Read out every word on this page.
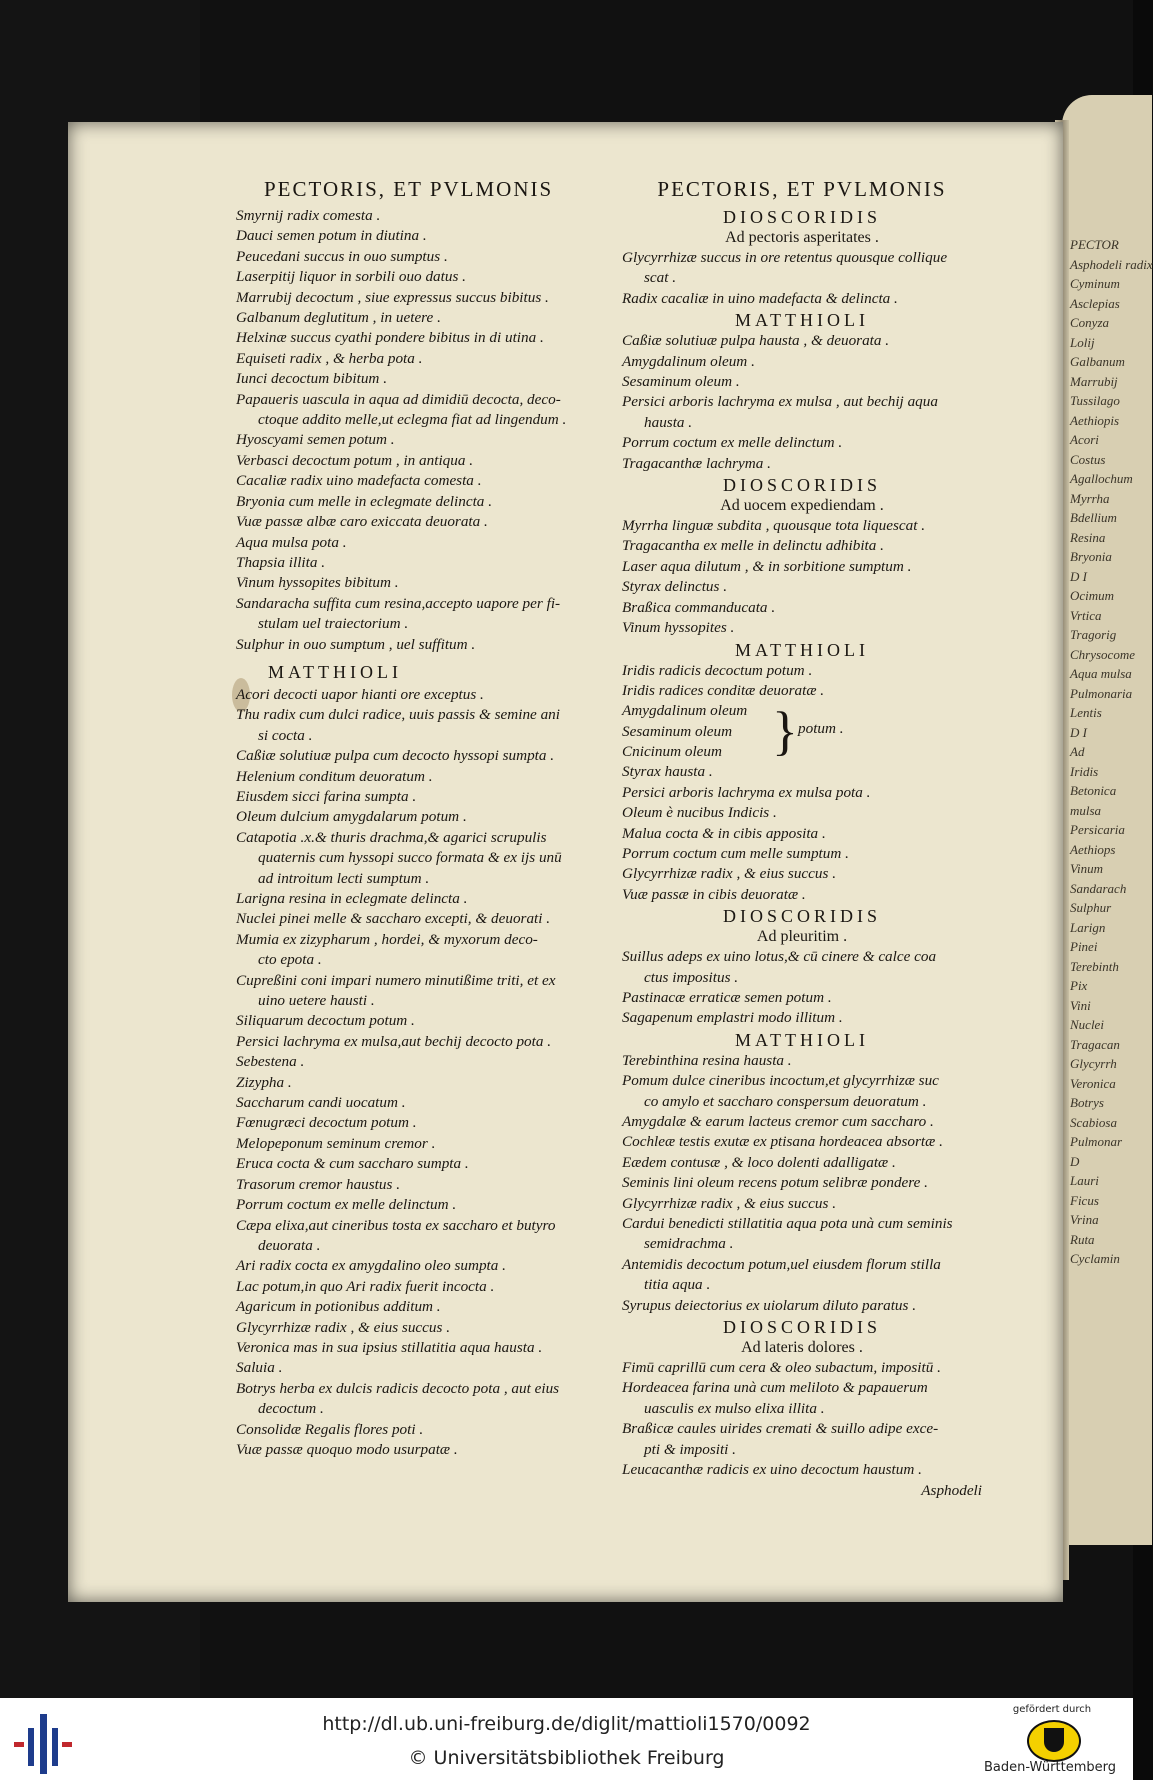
PECTOR
Asphodeli radix
Cyminum
Asclepias
Conyza
Lolij
Galbanum
Marrubij
Tussilago
Aethiopis
Acori
Costus
Agallochum
Myrrha
Bdellium
Resina
Bryonia
D I
Ocimum
Vrtica
Tragorig
Chrysocome
Aqua mulsa
Pulmonaria
Lentis
D I
Ad
Iridis
Betonica
mulsa
Persicaria
Aethiops
Vinum
Sandarach
Sulphur
Larign
Pinei
Terebinth
Pix
Vini
Nuclei
Tragacan
Glycyrrh
Veronica
Botrys
Scabiosa
Pulmonar
D
Lauri
Ficus
Vrina
Ruta
Cyclamin
PECTORIS, ET PVLMONIS
Smyrnij radix comesta .
Dauci semen potum in diutina .
Peucedani succus in ouo sumptus .
Laserpitij liquor in sorbili ouo datus .
Marrubij decoctum , siue expressus succus bibitus .
Galbanum deglutitum , in uetere .
Helxinæ succus cyathi pondere bibitus in di utina .
Equiseti radix , & herba pota .
Iunci decoctum bibitum .
Papaueris uascula in aqua ad dimidiū decocta, deco-
ctoque addito melle,ut eclegma fiat ad lingendum .
Hyoscyami semen potum .
Verbasci decoctum potum , in antiqua .
Cacaliæ radix uino madefacta comesta .
Bryonia cum melle in eclegmate delincta .
Vuæ passæ albæ caro exiccata deuorata .
Aqua mulsa pota .
Thapsia illita .
Vinum hyssopites bibitum .
Sandaracha suffita cum resina,accepto uapore per fi-
stulam uel traiectorium .
Sulphur in ouo sumptum , uel suffitum .
MATTHIOLI
Acori decocti uapor hianti ore exceptus .
Thu radix cum dulci radice, uuis passis & semine ani
si cocta .
Caßiæ solutiuæ pulpa cum decocto hyssopi sumpta .
Helenium conditum deuoratum .
Eiusdem sicci farina sumpta .
Oleum dulcium amygdalarum potum .
Catapotia .x.& thuris drachma,& agarici scrupulis
quaternis cum hyssopi succo formata & ex ijs unū
ad introitum lecti sumptum .
Larigna resina in eclegmate delincta .
Nuclei pinei melle & saccharo excepti, & deuorati .
Mumia ex zizypharum , hordei, & myxorum deco-
cto epota .
Cupreßini coni impari numero minutißime triti, et ex
uino uetere hausti .
Siliquarum decoctum potum .
Persici lachryma ex mulsa,aut bechij decocto pota .
Sebestena .
Zizypha .
Saccharum candi uocatum .
Fœnugræci decoctum potum .
Melopeponum seminum cremor .
Eruca cocta & cum saccharo sumpta .
Trasorum cremor haustus .
Porrum coctum ex melle delinctum .
Cæpa elixa,aut cineribus tosta ex saccharo et butyro
deuorata .
Ari radix cocta ex amygdalino oleo sumpta .
Lac potum,in quo Ari radix fuerit incocta .
Agaricum in potionibus additum .
Glycyrrhizæ radix , & eius succus .
Veronica mas in sua ipsius stillatitia aqua hausta .
Saluia .
Botrys herba ex dulcis radicis decocto pota , aut eius
decoctum .
Consolidæ Regalis flores poti .
Vuæ passæ quoquo modo usurpatæ .
PECTORIS, ET PVLMONIS
DIOSCORIDIS
Ad pectoris asperitates .
Glycyrrhizæ succus in ore retentus quousque collique
scat .
Radix cacaliæ in uino madefacta & delincta .
MATTHIOLI
Caßiæ solutiuæ pulpa hausta , & deuorata .
Amygdalinum oleum .
Sesaminum oleum .
Persici arboris lachryma ex mulsa , aut bechij aqua
hausta .
Porrum coctum ex melle delinctum .
Tragacanthæ lachryma .
DIOSCORIDIS
Ad uocem expediendam .
Myrrha linguæ subdita , quousque tota liquescat .
Tragacantha ex melle in delinctu adhibita .
Laser aqua dilutum , & in sorbitione sumptum .
Styrax delinctus .
Braßica commanducata .
Vinum hyssopites .
MATTHIOLI
Iridis radicis decoctum potum .
Iridis radices conditæ deuoratæ .
Amygdalinum oleum
Sesaminum oleum
Cnicinum oleum } potum .
Styrax hausta .
Persici arboris lachryma ex mulsa pota .
Oleum è nucibus Indicis .
Malua cocta & in cibis apposita .
Porrum coctum cum melle sumptum .
Glycyrrhizæ radix , & eius succus .
Vuæ passæ in cibis deuoratæ .
DIOSCORIDIS
Ad pleuritim .
Suillus adeps ex uino lotus,& cū cinere & calce coa
ctus impositus .
Pastinacæ erraticæ semen potum .
Sagapenum emplastri modo illitum .
MATTHIOLI
Terebinthina resina hausta .
Pomum dulce cineribus incoctum,et glycyrrhizæ suc
co amylo et saccharo conspersum deuoratum .
Amygdalæ & earum lacteus cremor cum saccharo .
Cochleæ testis exutæ ex ptisana hordeacea absortæ .
Eædem contusæ , & loco dolenti adalligatæ .
Seminis lini oleum recens potum selibræ pondere .
Glycyrrhizæ radix , & eius succus .
Cardui benedicti stillatitia aqua pota unà cum seminis
semidrachma .
Antemidis decoctum potum,uel eiusdem florum stilla
titia aqua .
Syrupus deiectorius ex uiolarum diluto paratus .
DIOSCORIDIS
Ad lateris dolores .
Fimū caprillū cum cera & oleo subactum, impositū .
Hordeacea farina unà cum meliloto & papauerum
uasculis ex mulso elixa illita .
Braßicæ caules uirides cremati & suillo adipe exce-
pti & impositi .
Leucacanthæ radicis ex uino decoctum haustum .
Asphodeli
http://dl.ub.uni-freiburg.de/diglit/mattioli1570/0092
© Universitätsbibliothek Freiburg
gefördert durch
Baden-Württemberg
